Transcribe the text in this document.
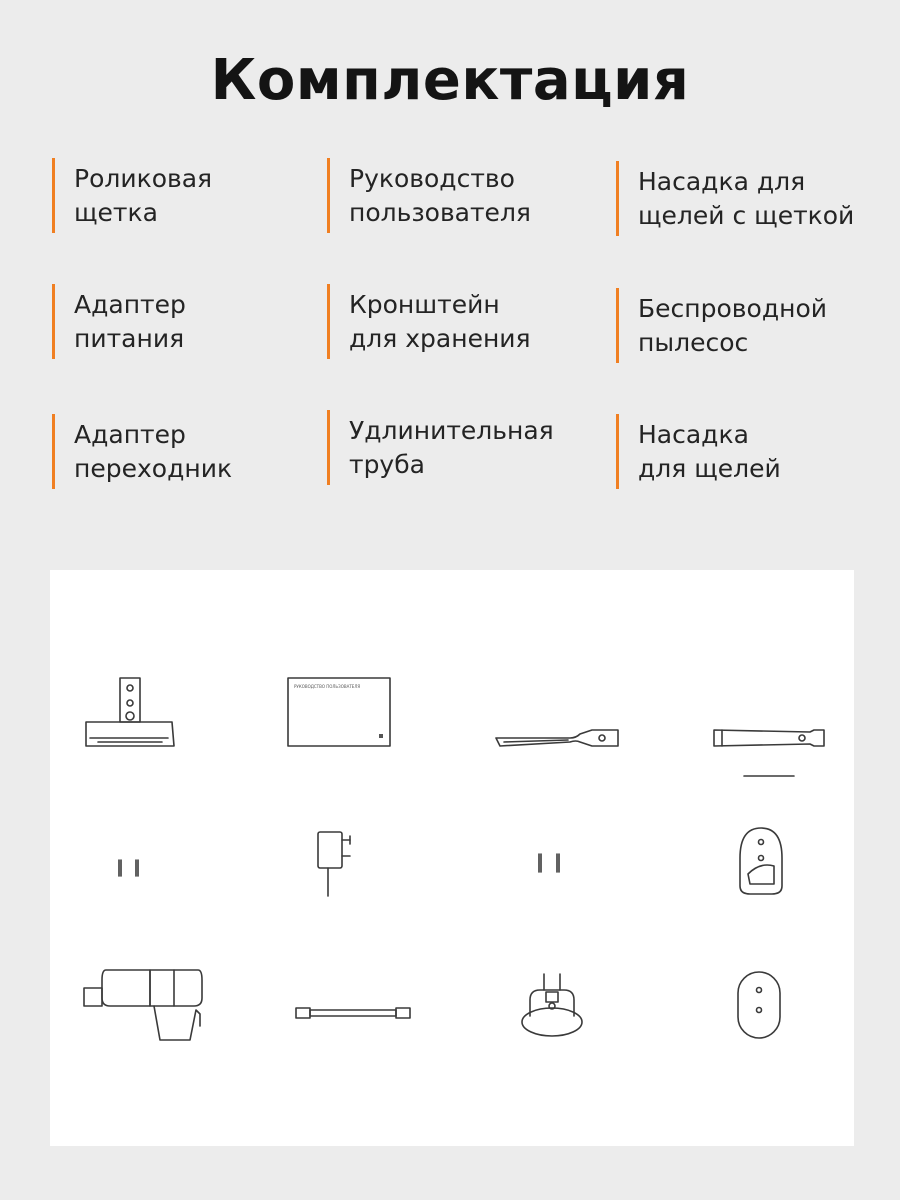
Комплектация
Роликовая
щетка
Руководство
пользователя
Насадка для
щелей с щеткой
Адаптер
питания
Кронштейн
для хранения
Беспроводной
пылесос
Адаптер
переходник
Удлинительная
труба
Насадка
для щелей
РУКОВОДСТВО ПОЛЬЗОВАТЕЛЯ
